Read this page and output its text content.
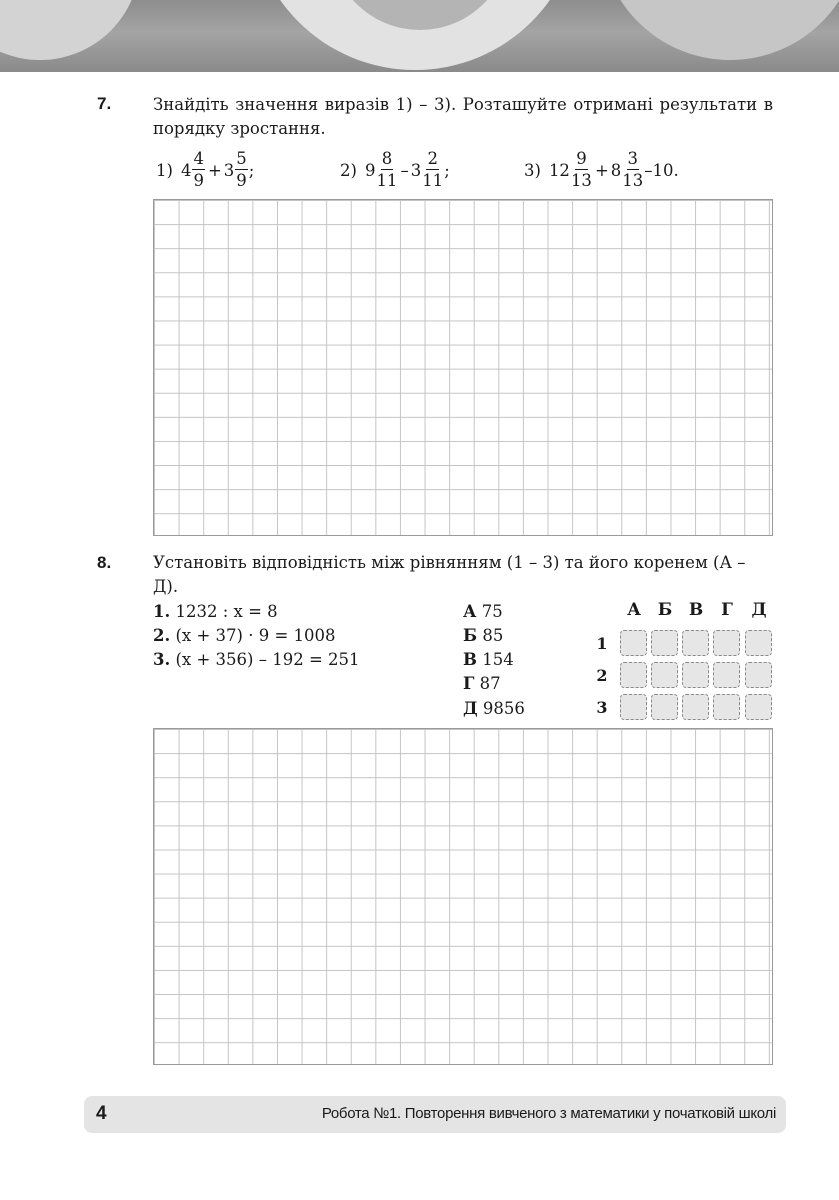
7.	Знайдіть значення виразів 1) – 3). Розташуйте отримані результати в порядку зростання.
1) $4 \frac{4}{9} + 3 \frac{5}{9}$ ;	2) $9 \frac{8}{11} - 3 \frac{2}{11}$ ;	3) $12 \frac{9}{13} + 8 \frac{3}{13} -10$.
8.	Установіть відповідність між рівнянням (1 – 3) та його коренем (А – Д).
1. 1232 : x = 8
2. (x + 37) · 9 = 1008
3. (x + 356) – 192 = 251
А 75
Б 85
В 154
Г 87
Д 9856
А Б В	Г	Д
1
2
3
4	Робота №1. Повторення вивченого з математики у початковій школі
